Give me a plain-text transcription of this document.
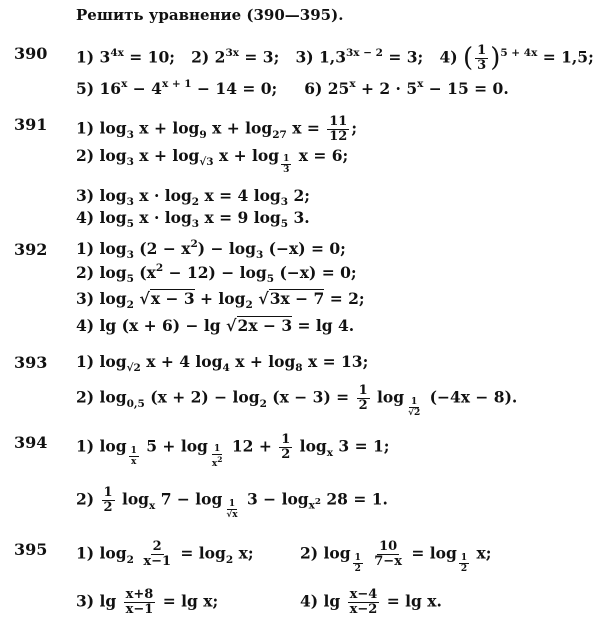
Решить уравнение (390—395).
390 1) 34x = 10;   2) 23x = 3;   3) 1,33x − 2 = 3;   4) ( $\frac{1}{3} )5 + 4x = 1,5$;
5) 16x − 4x + 1 − 14 = 0;     6) 25x + 2 · 5x − 15 = 0.
391 1) log3 x + log9 x + log27 $x = \frac{11}{12}$ ;
2) log3 x + log√3 $x + \log \frac{1}{3}$ x = 6;
3) log3 x · log2 x = 4 log3 2;
4) log5 x · log3 x = 9 log5 3.
392 1) log3 (2 − x2) − log3 (−x) = 0;
2) log5 (x2 − 12) − log5 (−x) = 0;
3) log2 √x − 3 + log2 √3x − 7 = 2;
4) lg (x + 6) − lg √2x − 3 = lg 4.
393 1) log√2 x + 4 log4 x + log8 x = 13;
2) log0,5 (x + 2) − log2 $(x - 3) = \frac{1}{2}$ $\log \frac{1}{√2} (-4x - 8)$.
394 1) $\log \frac{1}{x} 5 + \log \frac{1}{x^2} 12 + \frac{1}{2}$ logx 3 = 1;
$2) \frac{1}{2}$ logx $7 - \log \frac{1}{√x} 3 - \log x^2$ 28 = 1.
395 1) $\log 2 \frac{2}{x-1} = \log 2$ x;	2) $\log \frac{1}{2}$
$\frac{10}{7-x} = \log \frac{1}{2} x$;
3) $\lg \frac{x+8}{x-1} = \lg x$;	4) $\lg \frac{x-4}{x-2} = \lg x$.
